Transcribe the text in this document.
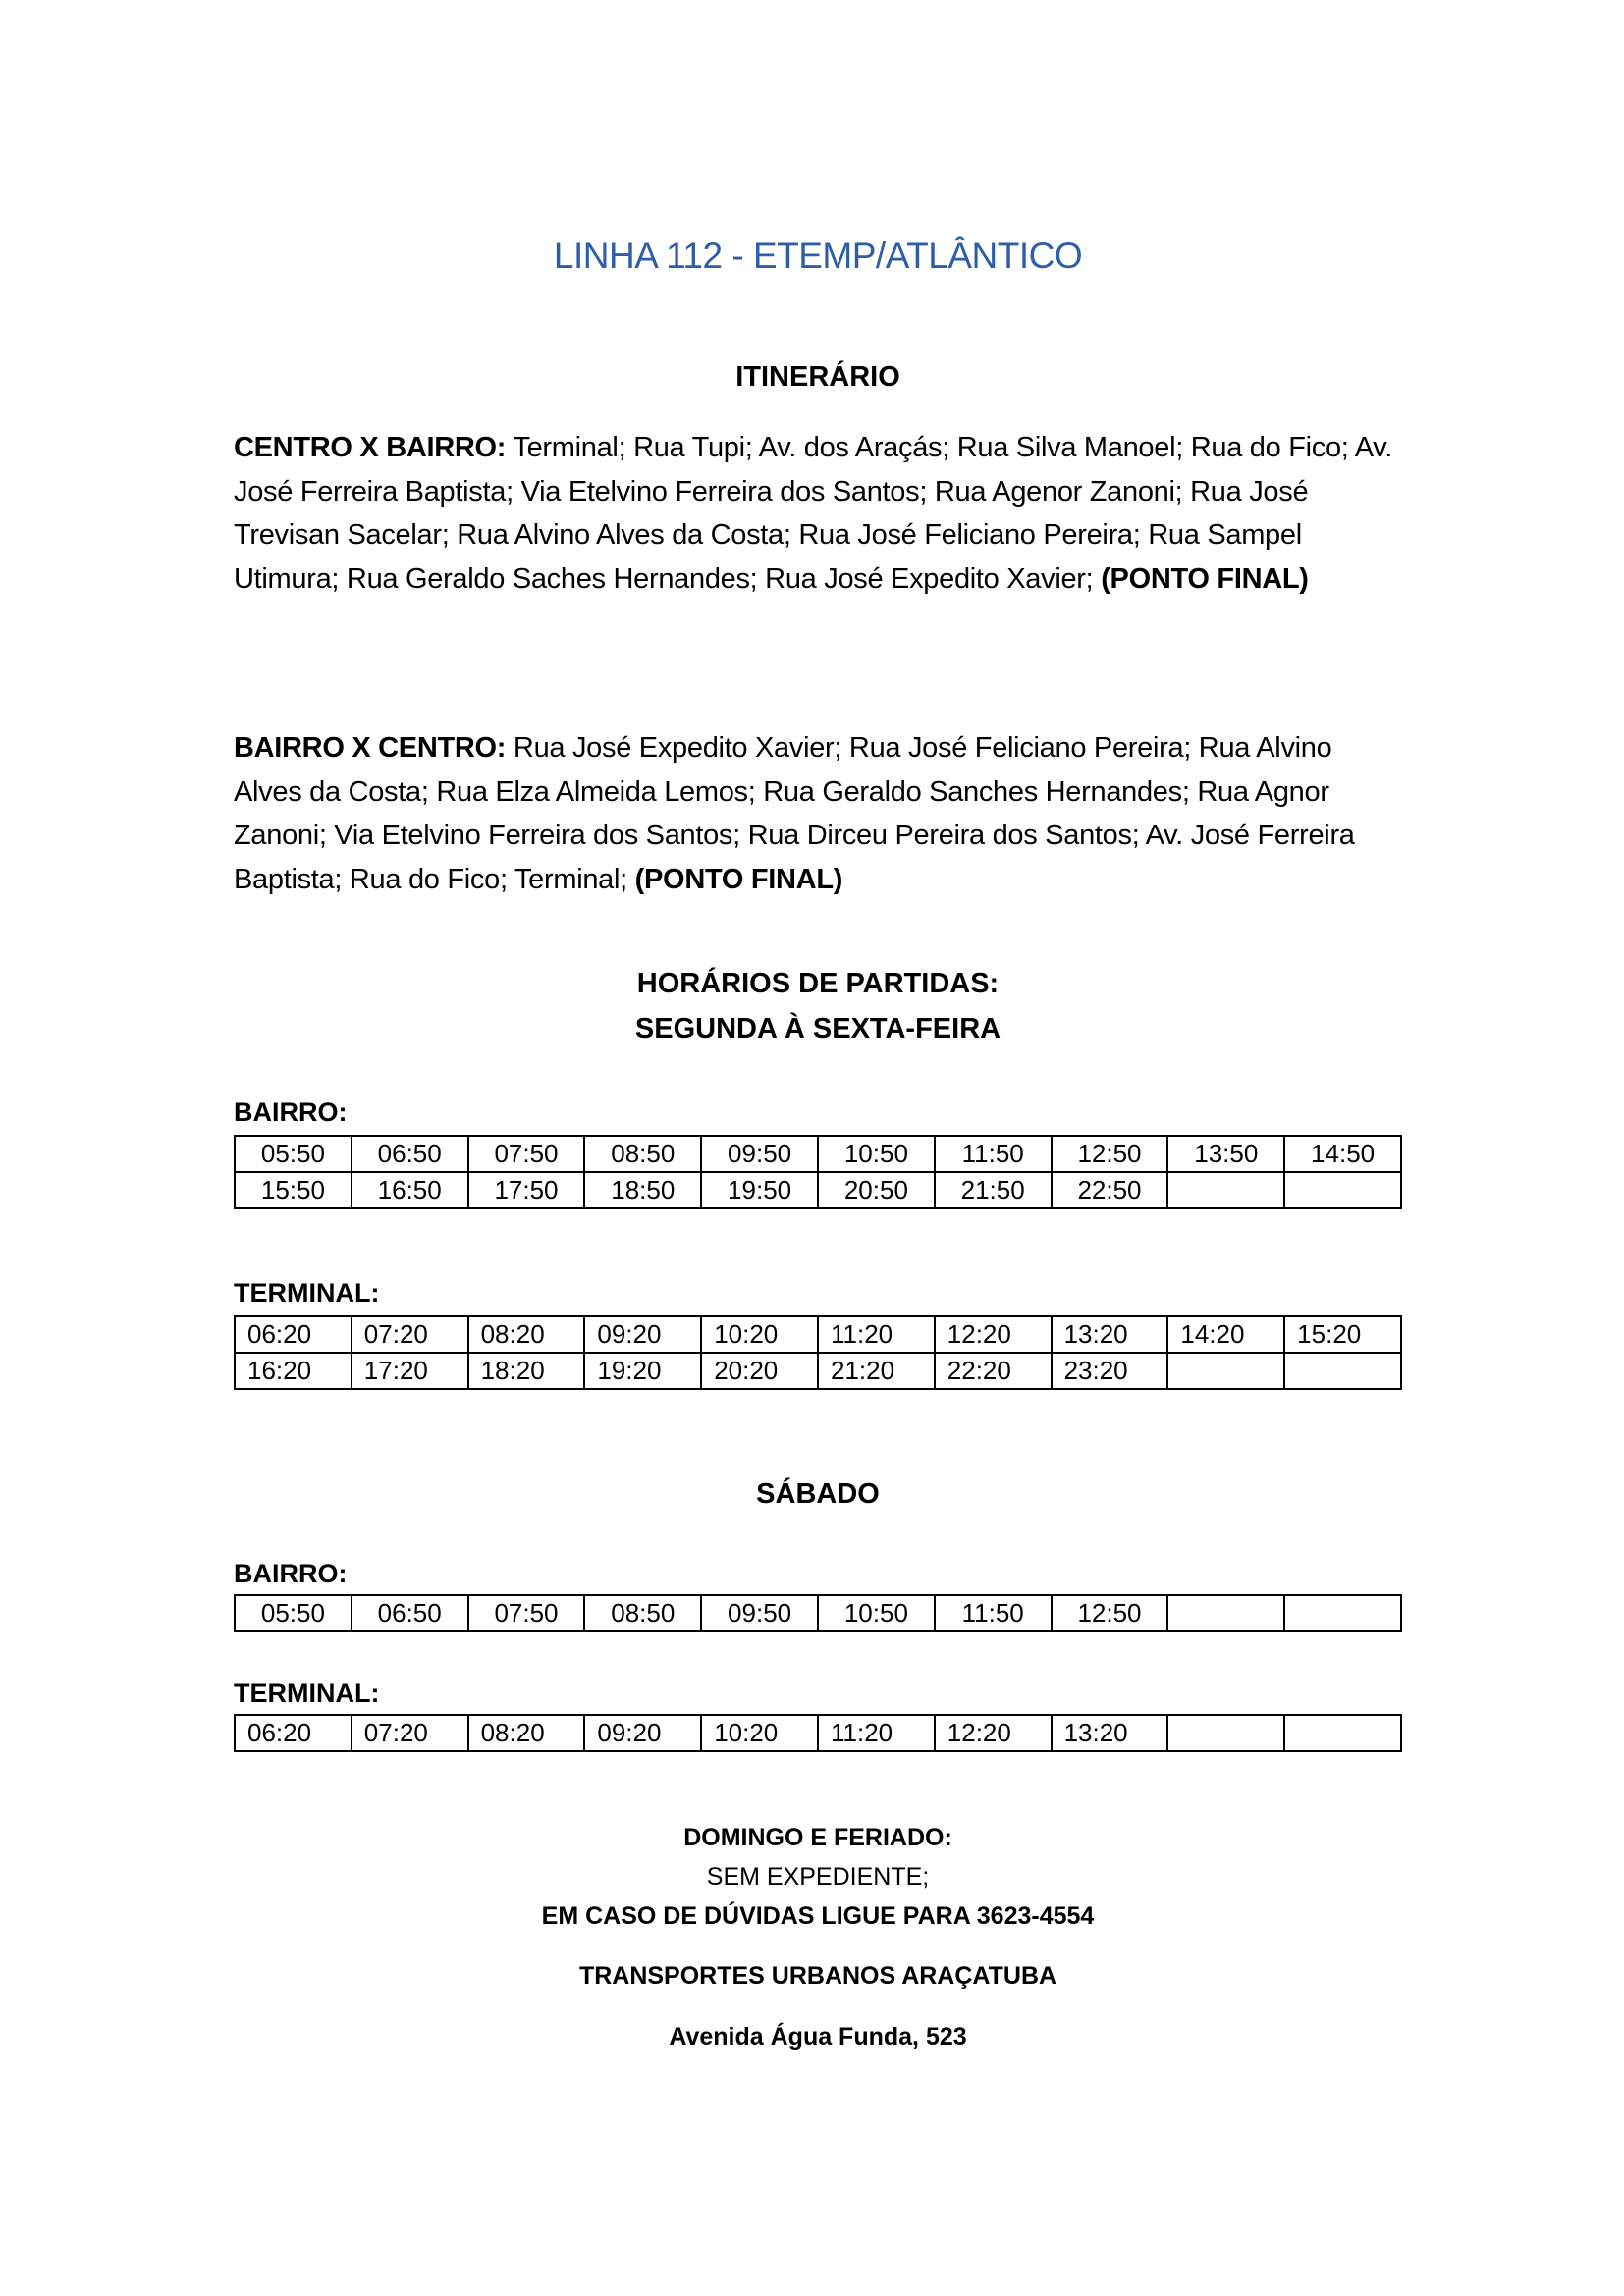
LINHA 112 - ETEMP/ATLÂNTICO
ITINERÁRIO
CENTRO X BAIRRO: Terminal; Rua Tupi; Av. dos Araçás; Rua Silva Manoel; Rua do Fico; Av. José Ferreira Baptista; Via Etelvino Ferreira dos Santos; Rua Agenor Zanoni; Rua José Trevisan Sacelar; Rua Alvino Alves da Costa; Rua José Feliciano Pereira; Rua Sampel Utimura; Rua Geraldo Saches Hernandes; Rua José Expedito Xavier; (PONTO FINAL)
BAIRRO X CENTRO: Rua José Expedito Xavier; Rua José Feliciano Pereira; Rua Alvino Alves da Costa; Rua Elza Almeida Lemos; Rua Geraldo Sanches Hernandes; Rua Agnor Zanoni; Via Etelvino Ferreira dos Santos; Rua Dirceu Pereira dos Santos; Av. José Ferreira Baptista; Rua do Fico; Terminal; (PONTO FINAL)
HORÁRIOS DE PARTIDAS:
SEGUNDA À SEXTA-FEIRA
BAIRRO:
05:50	06:50	07:50	08:50	09:50	10:50	11:50	12:50	13:50	14:50
15:50	16:50	17:50	18:50	19:50	20:50	21:50	22:50		
TERMINAL:
06:20	07:20	08:20	09:20	10:20	11:20	12:20	13:20	14:20	15:20
16:20	17:20	18:20	19:20	20:20	21:20	22:20	23:20		
SÁBADO
BAIRRO:
05:50	06:50	07:50	08:50	09:50	10:50	11:50	12:50		
TERMINAL:
06:20	07:20	08:20	09:20	10:20	11:20	12:20	13:20		
DOMINGO E FERIADO:
SEM EXPEDIENTE;
EM CASO DE DÚVIDAS LIGUE PARA 3623-4554
TRANSPORTES URBANOS ARAÇATUBA
Avenida Água Funda, 523
